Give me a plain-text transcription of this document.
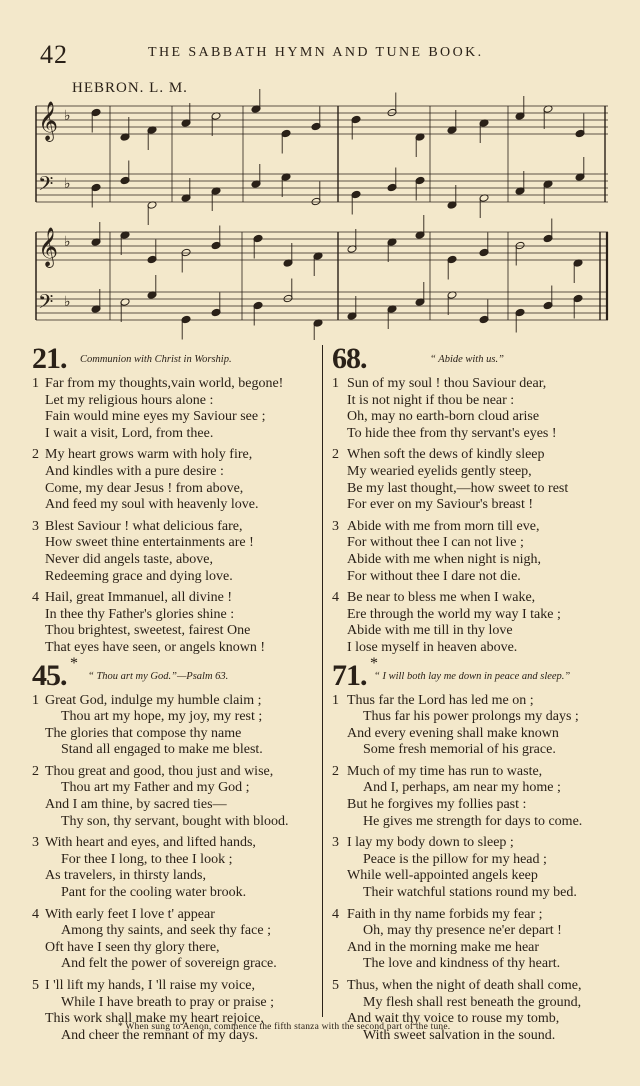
42	THE SABBATH HYMN AND TUNE BOOK.
HEBRON. L. M.
𝄞 ♭
𝄢 ♭
𝄞 ♭
𝄢 ♭
21. Communion with Christ in Worship.
1 Far from my thoughts,vain world, begone!
Let my religious hours alone :
Fain would mine eyes my Saviour see ;
I wait a visit, Lord, from thee.
2 My heart grows warm with holy fire,
And kindles with a pure desire :
Come, my dear Jesus ! from above,
And feed my soul with heavenly love.
3 Blest Saviour ! what delicious fare,
How sweet thine entertainments are !
Never did angels taste, above,
Redeeming grace and dying love.
4 Hail, great Immanuel, all divine !
In thee thy Father's glories shine :
Thou brightest, sweetest, fairest One
That eyes have seen, or angels known !
45. *
“ Thou art my God.”—Psalm 63.
1 Great God, indulge my humble claim ;
Thou art my hope, my joy, my rest ;
The glories that compose thy name
Stand all engaged to make me blest.
2 Thou great and good, thou just and wise,
Thou art my Father and my God ;
And I am thine, by sacred ties—
Thy son, thy servant, bought with blood.
3 With heart and eyes, and lifted hands,
For thee I long, to thee I look ;
As travelers, in thirsty lands,
Pant for the cooling water brook.
4 With early feet I love t' appear
Among thy saints, and seek thy face ;
Oft have I seen thy glory there,
And felt the power of sovereign grace.
5 I 'll lift my hands, I 'll raise my voice,
While I have breath to pray or praise ;
This work shall make my heart rejoice,
And cheer the remnant of my days.
68.	“ Abide with us.”
1 Sun of my soul ! thou Saviour dear,
It is not night if thou be near :
Oh, may no earth-born cloud arise
To hide thee from thy servant's eyes !
2 When soft the dews of kindly sleep
My wearied eyelids gently steep,
Be my last thought,—how sweet to rest
For ever on my Saviour's breast !
3 Abide with me from morn till eve,
For without thee I can not live ;
Abide with me when night is nigh,
For without thee I dare not die.
4 Be near to bless me when I wake,
Ere through the world my way I take ;
Abide with me till in thy love
I lose myself in heaven above.
71. *
“ I will both lay me down in peace and sleep.”
1 Thus far the Lord has led me on ;
Thus far his power prolongs my days ;
And every evening shall make known
Some fresh memorial of his grace.
2 Much of my time has run to waste,
And I, perhaps, am near my home ;
But he forgives my follies past :
He gives me strength for days to come.
3 I lay my body down to sleep ;
Peace is the pillow for my head ;
While well-appointed angels keep
Their watchful stations round my bed.
4 Faith in thy name forbids my fear ;
Oh, may thy presence ne'er depart !
And in the morning make me hear
The love and kindness of thy heart.
5 Thus, when the night of death shall come,
My flesh shall rest beneath the ground,
And wait thy voice to rouse my tomb,
With sweet salvation in the sound.
* When sung to Aenon, commence the fifth stanza with the second part of the tune.
